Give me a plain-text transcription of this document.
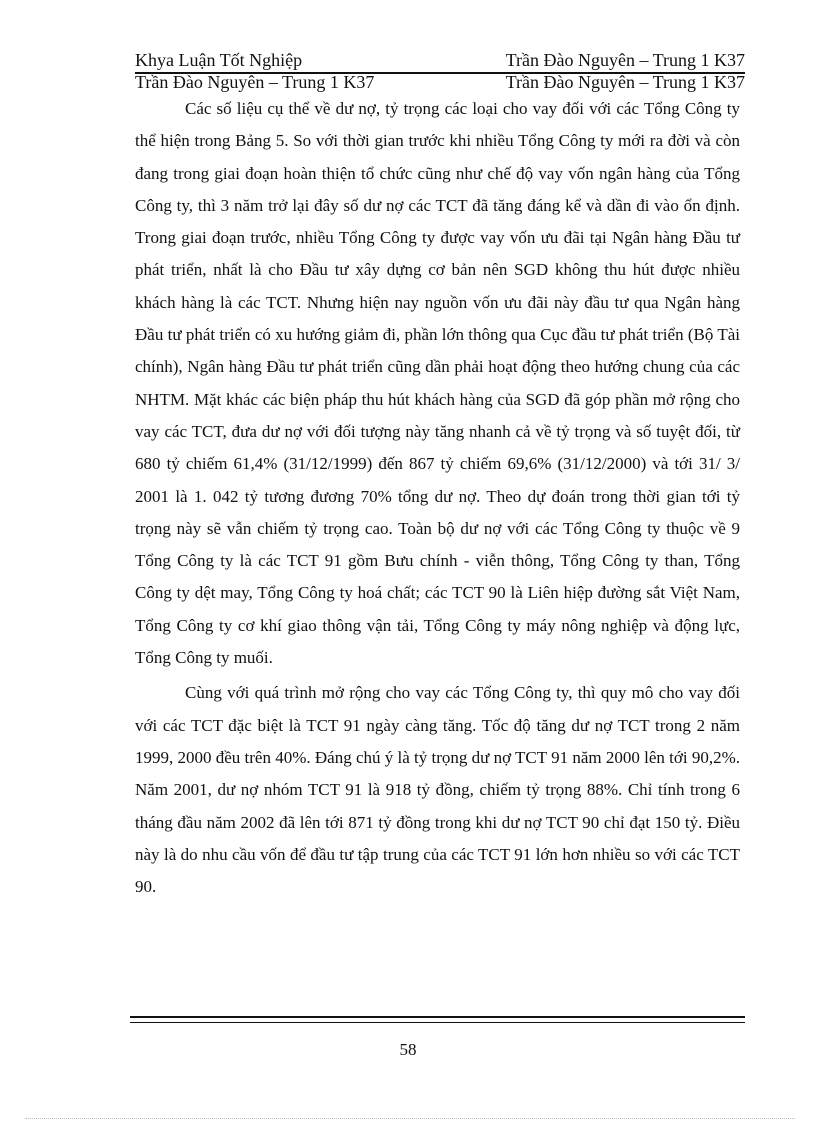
Khya Luận Tốt Nghiệp	Trần Đào Nguyên – Trung 1 K37
Trần Đào Nguyên – Trung 1 K37	Trần Đào Nguyên – Trung 1 K37

Các số liệu cụ thể về dư nợ, tỷ trọng các loại cho vay đối với các Tổng Công ty thể hiện trong Bảng 5. So với thời gian trước khi nhiều Tổng Công ty mới ra đời và còn đang trong giai đoạn hoàn thiện tổ chức cũng như chế độ vay vốn ngân hàng của Tổng Công ty, thì 3 năm trở lại đây số dư nợ các TCT đã tăng đáng kể và dần đi vào ổn định. Trong giai đoạn trước, nhiều Tổng Công ty được vay vốn ưu đãi tại Ngân hàng Đầu tư phát triển, nhất là cho Đầu tư xây dựng cơ bản nên SGD không thu hút được nhiều khách hàng là các TCT. Nhưng hiện nay nguồn vốn ưu đãi này đầu tư qua Ngân hàng Đầu tư phát triển có xu hướng giảm đi, phần lớn thông qua Cục đầu tư phát triển (Bộ Tài chính), Ngân hàng Đầu tư phát triển cũng dần phải hoạt động theo hướng chung của các NHTM. Mặt khác các biện pháp thu hút khách hàng của SGD đã góp phần mở rộng cho vay các TCT, đưa dư nợ với đối tượng này tăng nhanh cả về tỷ trọng và số tuyệt đối, từ 680 tỷ chiếm 61,4% (31/12/1999) đến 867 tỷ chiếm 69,6% (31/12/2000) và tới 31/ 3/ 2001 là 1. 042 tỷ tương đương 70% tổng dư nợ. Theo dự đoán trong thời gian tới tỷ trọng này sẽ vẫn chiếm tỷ trọng cao. Toàn bộ dư nợ với các Tổng Công ty thuộc về 9 Tổng Công ty là các TCT 91 gồm Bưu chính - viễn thông, Tổng Công ty than, Tổng Công ty dệt may, Tổng Công ty hoá chất; các TCT 90 là Liên hiệp đường sắt Việt Nam, Tổng Công ty cơ khí giao thông vận tải, Tổng Công ty máy nông nghiệp và động lực, Tổng Công ty muối.

Cùng với quá trình mở rộng cho vay các Tổng Công ty, thì quy mô cho vay đối với các TCT đặc biệt là TCT 91 ngày càng tăng. Tốc độ tăng dư nợ TCT trong 2 năm 1999, 2000 đều trên 40%. Đáng chú ý là tỷ trọng dư nợ TCT 91 năm 2000 lên tới 90,2%. Năm 2001, dư nợ nhóm TCT 91 là 918 tỷ đồng, chiếm tỷ trọng 88%. Chỉ tính trong 6 tháng đầu năm 2002 đã lên tới 871 tỷ đồng trong khi dư nợ TCT 90 chỉ đạt 150 tỷ. Điều này là do nhu cầu vốn để đầu tư tập trung của các TCT 91 lớn hơn nhiều so với các TCT 90.

58
